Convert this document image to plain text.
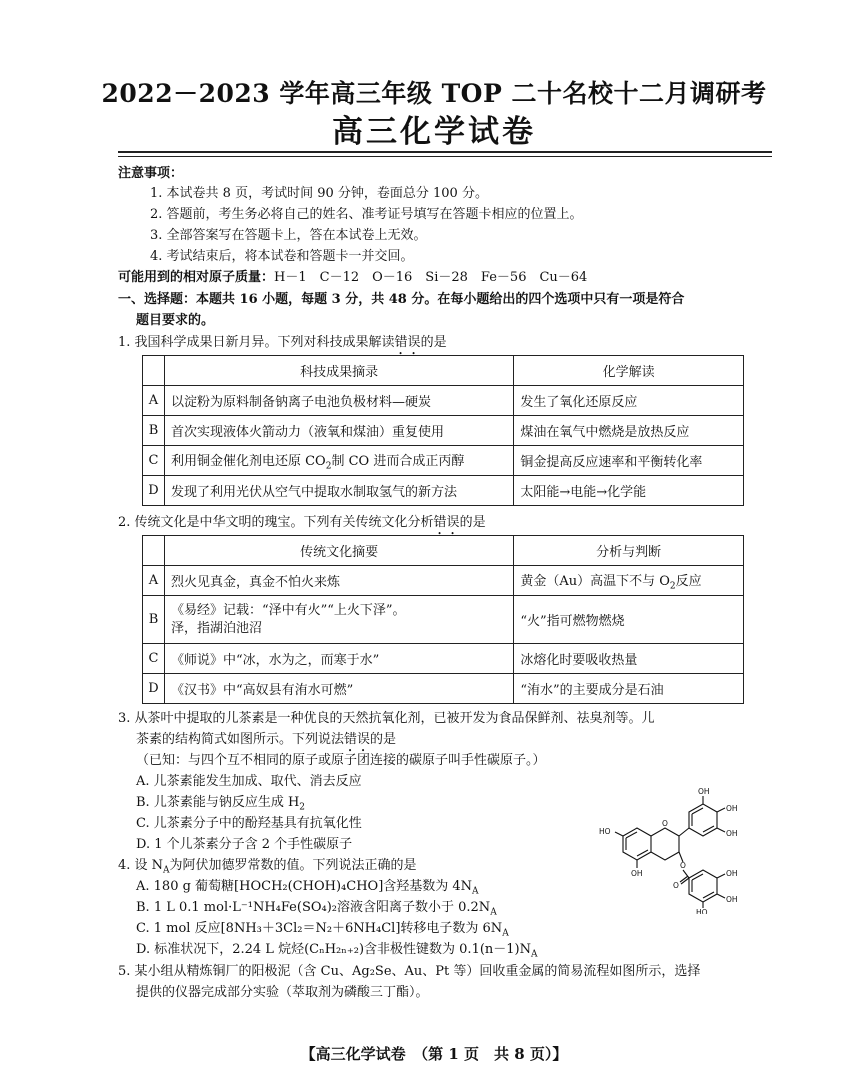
2022－2023 学年高三年级 TOP 二十名校十二月调研考
高三化学试卷
注意事项：
1. 本试卷共 8 页，考试时间 90 分钟，卷面总分 100 分。
2. 答题前，考生务必将自己的姓名、准考证号填写在答题卡相应的位置上。
3. 全部答案写在答题卡上，答在本试卷上无效。
4. 考试结束后，将本试卷和答题卡一并交回。
可能用到的相对原子质量：H－1　C－12　O－16　Si－28　Fe－56　Cu－64
一、选择题：本题共 16 小题，每题 3 分，共 48 分。在每小题给出的四个选项中只有一项是符合
题目要求的。
1. 我国科学成果日新月异。下列对科技成果解读错误的是
	科技成果摘录	化学解读
A	以淀粉为原料制备钠离子电池负极材料—硬炭	发生了氧化还原反应
B	首次实现液体火箭动力（液氧和煤油）重复使用	煤油在氧气中燃烧是放热反应
C	利用铜金催化剂电还原 $CO_2$制 CO 进而合成正丙醇	铜金提高反应速率和平衡转化率
D	发现了利用光伏从空气中提取水制取氢气的新方法	太阳能→电能→化学能
2. 传统文化是中华文明的瑰宝。下列有关传统文化分析错误的是
	传统文化摘要	分析与判断
A	烈火见真金，真金不怕火来炼	黄金（Au）高温下不与 $O_2$反应
B	《易经》记载：“泽中有火”“上火下泽”。
泽，指湖泊池沼	“火”指可燃物燃烧
C	《师说》中“冰，水为之，而寒于水”	冰熔化时要吸收热量
D	《汉书》中“高奴县有洧水可燃”	“洧水”的主要成分是石油
3. 从茶叶中提取的儿茶素是一种优良的天然抗氧化剂，已被开发为食品保鲜剂、祛臭剂等。儿
茶素的结构简式如图所示。下列说法错误的是
（已知：与四个互不相同的原子或原子团连接的碳原子叫手性碳原子。）
A. 儿茶素能发生加成、取代、消去反应
B. 儿茶素能与钠反应生成 $H_2$
C. 儿茶素分子中的酚羟基具有抗氧化性
D. 1 个儿茶素分子含 2 个手性碳原子
OH
OH
OH
HO
OH
O
O
O
OH
OH
HO
4. 设 $N_A$为阿伏加德罗常数的值。下列说法正确的是
A. 180 g 葡萄糖[HOCH₂(CHOH)₄CHO]含羟基数为 $4N_A$
B. 1 L 0.1 mol·L⁻¹NH₄Fe(SO₄)₂溶液含阳离子数小于 $0.2N_A$
C. 1 mol 反应[8NH₃＋3Cl₂＝N₂＋6NH₄Cl]转移电子数为 $6N_A$
D. 标准状况下，2.24 L 烷烃(CₙH₂ₙ₊₂)含非极性键数为 $0.1(n-1)N_A$
5. 某小组从精炼铜厂的阳极泥（含 Cu、Ag₂Se、Au、Pt 等）回收重金属的简易流程如图所示，选择
提供的仪器完成部分实验（萃取剂为磷酸三丁酯）。
【高三化学试卷　（第 1 页　共 8 页）】
